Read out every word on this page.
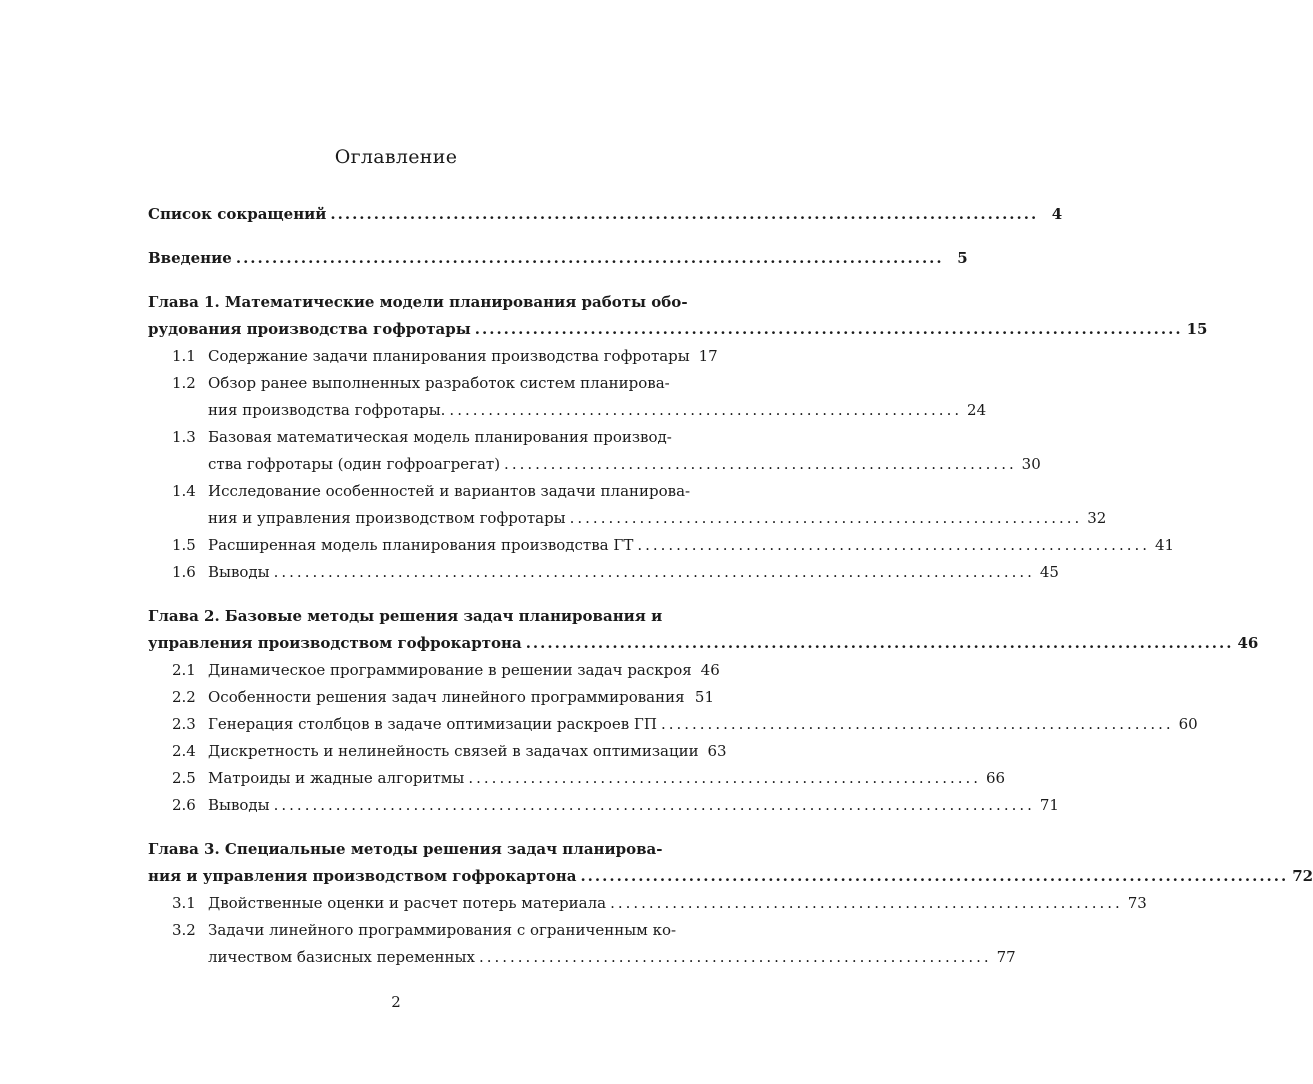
Оглавление
Список сокращений .................................................................................................. 4
Введение .................................................................................................. 5
Глава 1. Математические модели планирования работы обо-
рудования производства гофротары .................................................................................................. 15
1.1 Содержание задачи планирования производства гофротары 17
1.2 Обзор ранее выполненных разработок систем планирова-
ния производства гофротары. .................................................................. 24
1.3 Базовая математическая модель планирования производ-
ства гофротары (один гофроагрегат) .................................................................. 30
1.4 Исследование особенностей и вариантов задачи планирова-
ния и управления производством гофротары .................................................................. 32
1.5 Расширенная модель планирования производства ГТ .................................................................. 41
1.6 Выводы .................................................................................................. 45
Глава 2. Базовые методы решения задач планирования и
управления производством гофрокартона .................................................................................................. 46
2.1 Динамическое программирование в решении задач раскроя 46
2.2 Особенности решения задач линейного программирования 51
2.3 Генерация столбцов в задаче оптимизации раскроев ГП .................................................................. 60
2.4 Дискретность и нелинейность связей в задачах оптимизации 63
2.5 Матроиды и жадные алгоритмы .................................................................. 66
2.6 Выводы .................................................................................................. 71
Глава 3. Специальные методы решения задач планирова-
ния и управления производством гофрокартона .................................................................................................. 72
3.1 Двойственные оценки и расчет потерь материала .................................................................. 73
3.2 Задачи линейного программирования с ограниченным ко-
личеством базисных переменных .................................................................. 77
2
